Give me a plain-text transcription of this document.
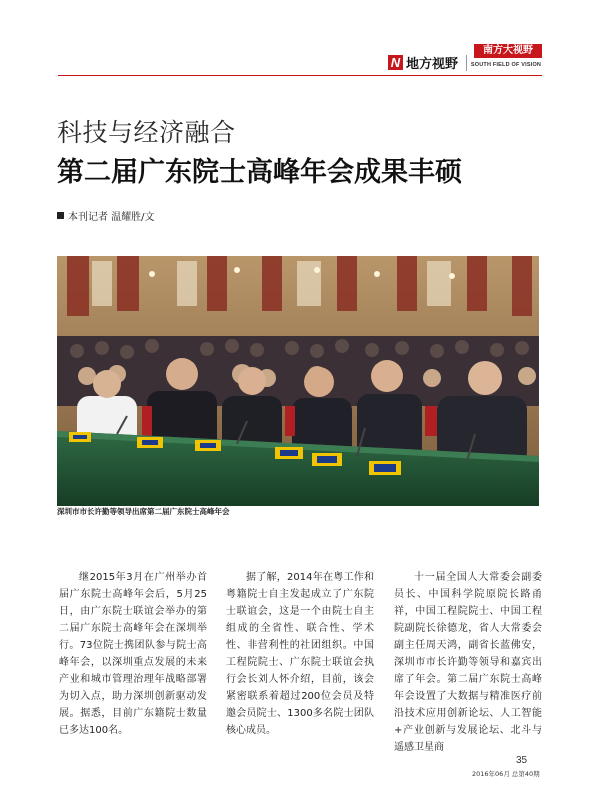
N 地方视野
南方大视野
SOUTH FIELD OF VISION
科技与经济融合
第二届广东院士高峰年会成果丰硕
本刊记者 温耀胜/文
深圳市市长许勤等领导出席第二届广东院士高峰年会

继2015年3月在广州举办首届广东院士高峰年会后，5月25日，由广东院士联谊会举办的第二届广东院士高峰年会在深圳举行。73位院士携团队参与院士高峰年会，以深圳重点发展的未来产业和城市管理治理年战略部署为切入点，助力深圳创新驱动发展。据悉，目前广东籍院士数量已多达100名。

据了解，2014年在粤工作和粤籍院士自主发起成立了广东院士联谊会，这是一个由院士自主组成的全省性、联合性、学术性、非营利性的社团组织。中国工程院院士、广东院士联谊会执行会长刘人怀介绍，目前，该会紧密联系着超过200位会员及特邀会员院士、1300多名院士团队核心成员。

十一届全国人大常委会副委员长、中国科学院原院长路甬祥，中国工程院院士、中国工程院副院长徐德龙，省人大常委会副主任周天鸿，副省长蓝佛安，深圳市市长许勤等领导和嘉宾出席了年会。第二届广东院士高峰年会设置了大数据与精准医疗前沿技术应用创新论坛、人工智能+产业创新与发展论坛、北斗与遥感卫星商

35
2016年06月 总第40期
